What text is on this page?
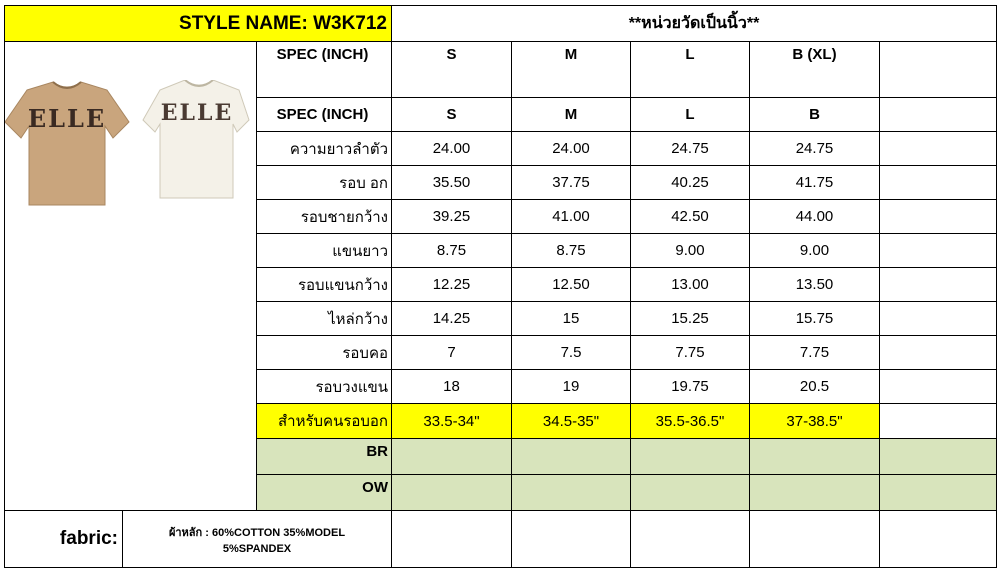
STYLE NAME: W3K712	**หน่วยวัดเป็นนิ้ว**
ELLE ELLE
SPEC (INCH)	S	M	L	B (XL)
SPEC (INCH)	S	M	L	B
ความยาวลำตัว	24.00	24.00	24.75	24.75
รอบ อก	35.50	37.75	40.25	41.75
รอบชายกว้าง	39.25	41.00	42.50	44.00
แขนยาว	8.75	8.75	9.00	9.00
รอบแขนกว้าง	12.25	12.50	13.00	13.50
ไหล่กว้าง	14.25	15	15.25	15.75
รอบคอ	7	7.5	7.75	7.75
รอบวงแขน	18	19	19.75	20.5
สำหรับคนรอบอก 33.5-34"	34.5-35"	35.5-36.5"	37-38.5"
BR
OW
fabric:	ผ้าหลัก : 60%COTTON 35%MODEL
5%SPANDEX
